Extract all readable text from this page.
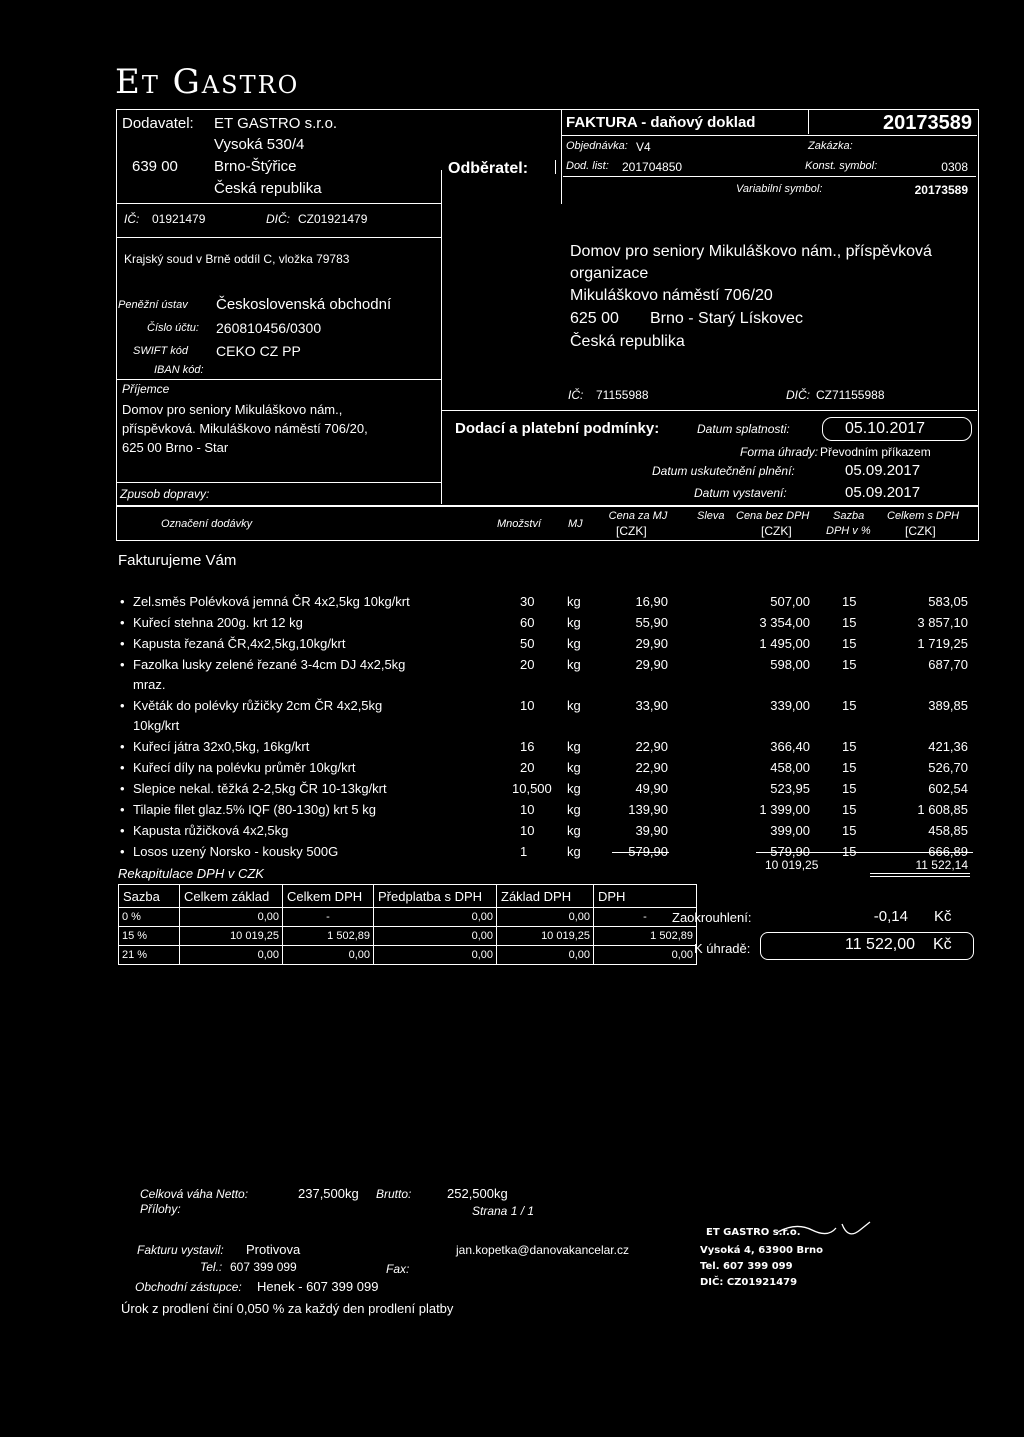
Et Gastro
Dodavatel: ET GASTRO s.r.o.
Vysoká 530/4
639 00 Brno-Štýřice
Česká republika
IČ: 01921479	DIČ: CZ01921479
Krajský soud v Brně oddíl C, vložka 79783
Peněžní ústav Československá obchodní
Číslo účtu: 260810456/0300
SWIFT kód CEKO CZ PP
IBAN kód:
Příjemce
Domov pro seniory Mikuláškovo nám.,
příspěvková. Mikuláškovo náměstí 706/20,
625 00 Brno - Star
Zpusob dopravy:
FAKTURA - daňový doklad	20173589
Objednávka: V4	Zakázka:
Dod. list: 201704850	Konst. symbol:	0308
Variabilní symbol:	20173589
Odběratel:
Domov pro seniory Mikuláškovo nám., příspěvková
organizace
Mikuláškovo náměstí 706/20
625 00 Brno - Starý Lískovec
Česká republika
IČ: 71155988	DIČ: CZ71155988
Dodací a platební podmínky:	Datum splatnosti:	05.10.2017
Forma úhrady: Převodním příkazem
Datum uskutečnění plnění:	05.09.2017
Datum vystavení:	05.09.2017
Označení dodávky	Množství MJ
Cena za MJ
[CZK]
Sleva Cena bez DPH
[CZK]
Sazba
DPH v %
Celkem s DPH
[CZK]
Fakturujeme Vám
• Zel.směs Polévková jemná ČR 4x2,5kg 10kg/krt	30	kg	16,90	507,00 15	583,05
• Kuřecí stehna 200g. krt 12 kg	60	kg	55,90	3 354,00 15	3 857,10
• Kapusta řezaná ČR,4x2,5kg,10kg/krt	50	kg	29,90	1 495,00 15	1 719,25
• Fazolka lusky zelené řezané 3-4cm DJ 4x2,5kg	20	kg	29,90	598,00 15	687,70
mraz.
• Květák do polévky růžičky 2cm ČR 4x2,5kg	10	kg	33,90	339,00 15	389,85
10kg/krt
• Kuřecí játra 32x0,5kg, 16kg/krt	16	kg	22,90	366,40 15	421,36
• Kuřecí díly na polévku průměr 10kg/krt	20	kg	22,90	458,00 15	526,70
• Slepice nekal. těžká 2-2,5kg ČR 10-13kg/krt	10,500 kg	49,90	523,95 15	602,54
• Tilapie filet glaz.5% IQF (80-130g) krt 5 kg	10	kg	139,90	1 399,00 15	1 608,85
• Kapusta růžičková 4x2,5kg	10	kg	39,90	399,00 15	458,85
• Losos uzený Norsko - kousky 500G	1	kg	579,90	579,90 15	666,89
10 019,25	11 522,14
Rekapitulace DPH v CZK
Sazba	Celkem základ	Celkem DPH	Předplatba s DPH	Základ DPH	DPH
0 %	0,00	-	0,00	0,00	-
15 %	10 019,25	1 502,89	0,00	10 019,25	1 502,89
21 %	0,00	0,00	0,00	0,00	0,00
Zaokrouhlení:	-0,14 Kč
K úhradě:	11 522,00 Kč
Celková váha Netto:	237,500kg Brutto:	252,500kg
Přílohy:	Strana 1 / 1
Fakturu vystavil: Protivova	jan.kopetka@danovakancelar.cz
Tel.: 607 399 099	Fax:
Obchodní zástupce: Henek - 607 399 099
Úrok z prodlení činí 0,050 % za každý den prodlení platby
ET GASTRO s.r.o.
Vysoká 4, 63900 Brno
Tel. 607 399 099
DIČ: CZ01921479
